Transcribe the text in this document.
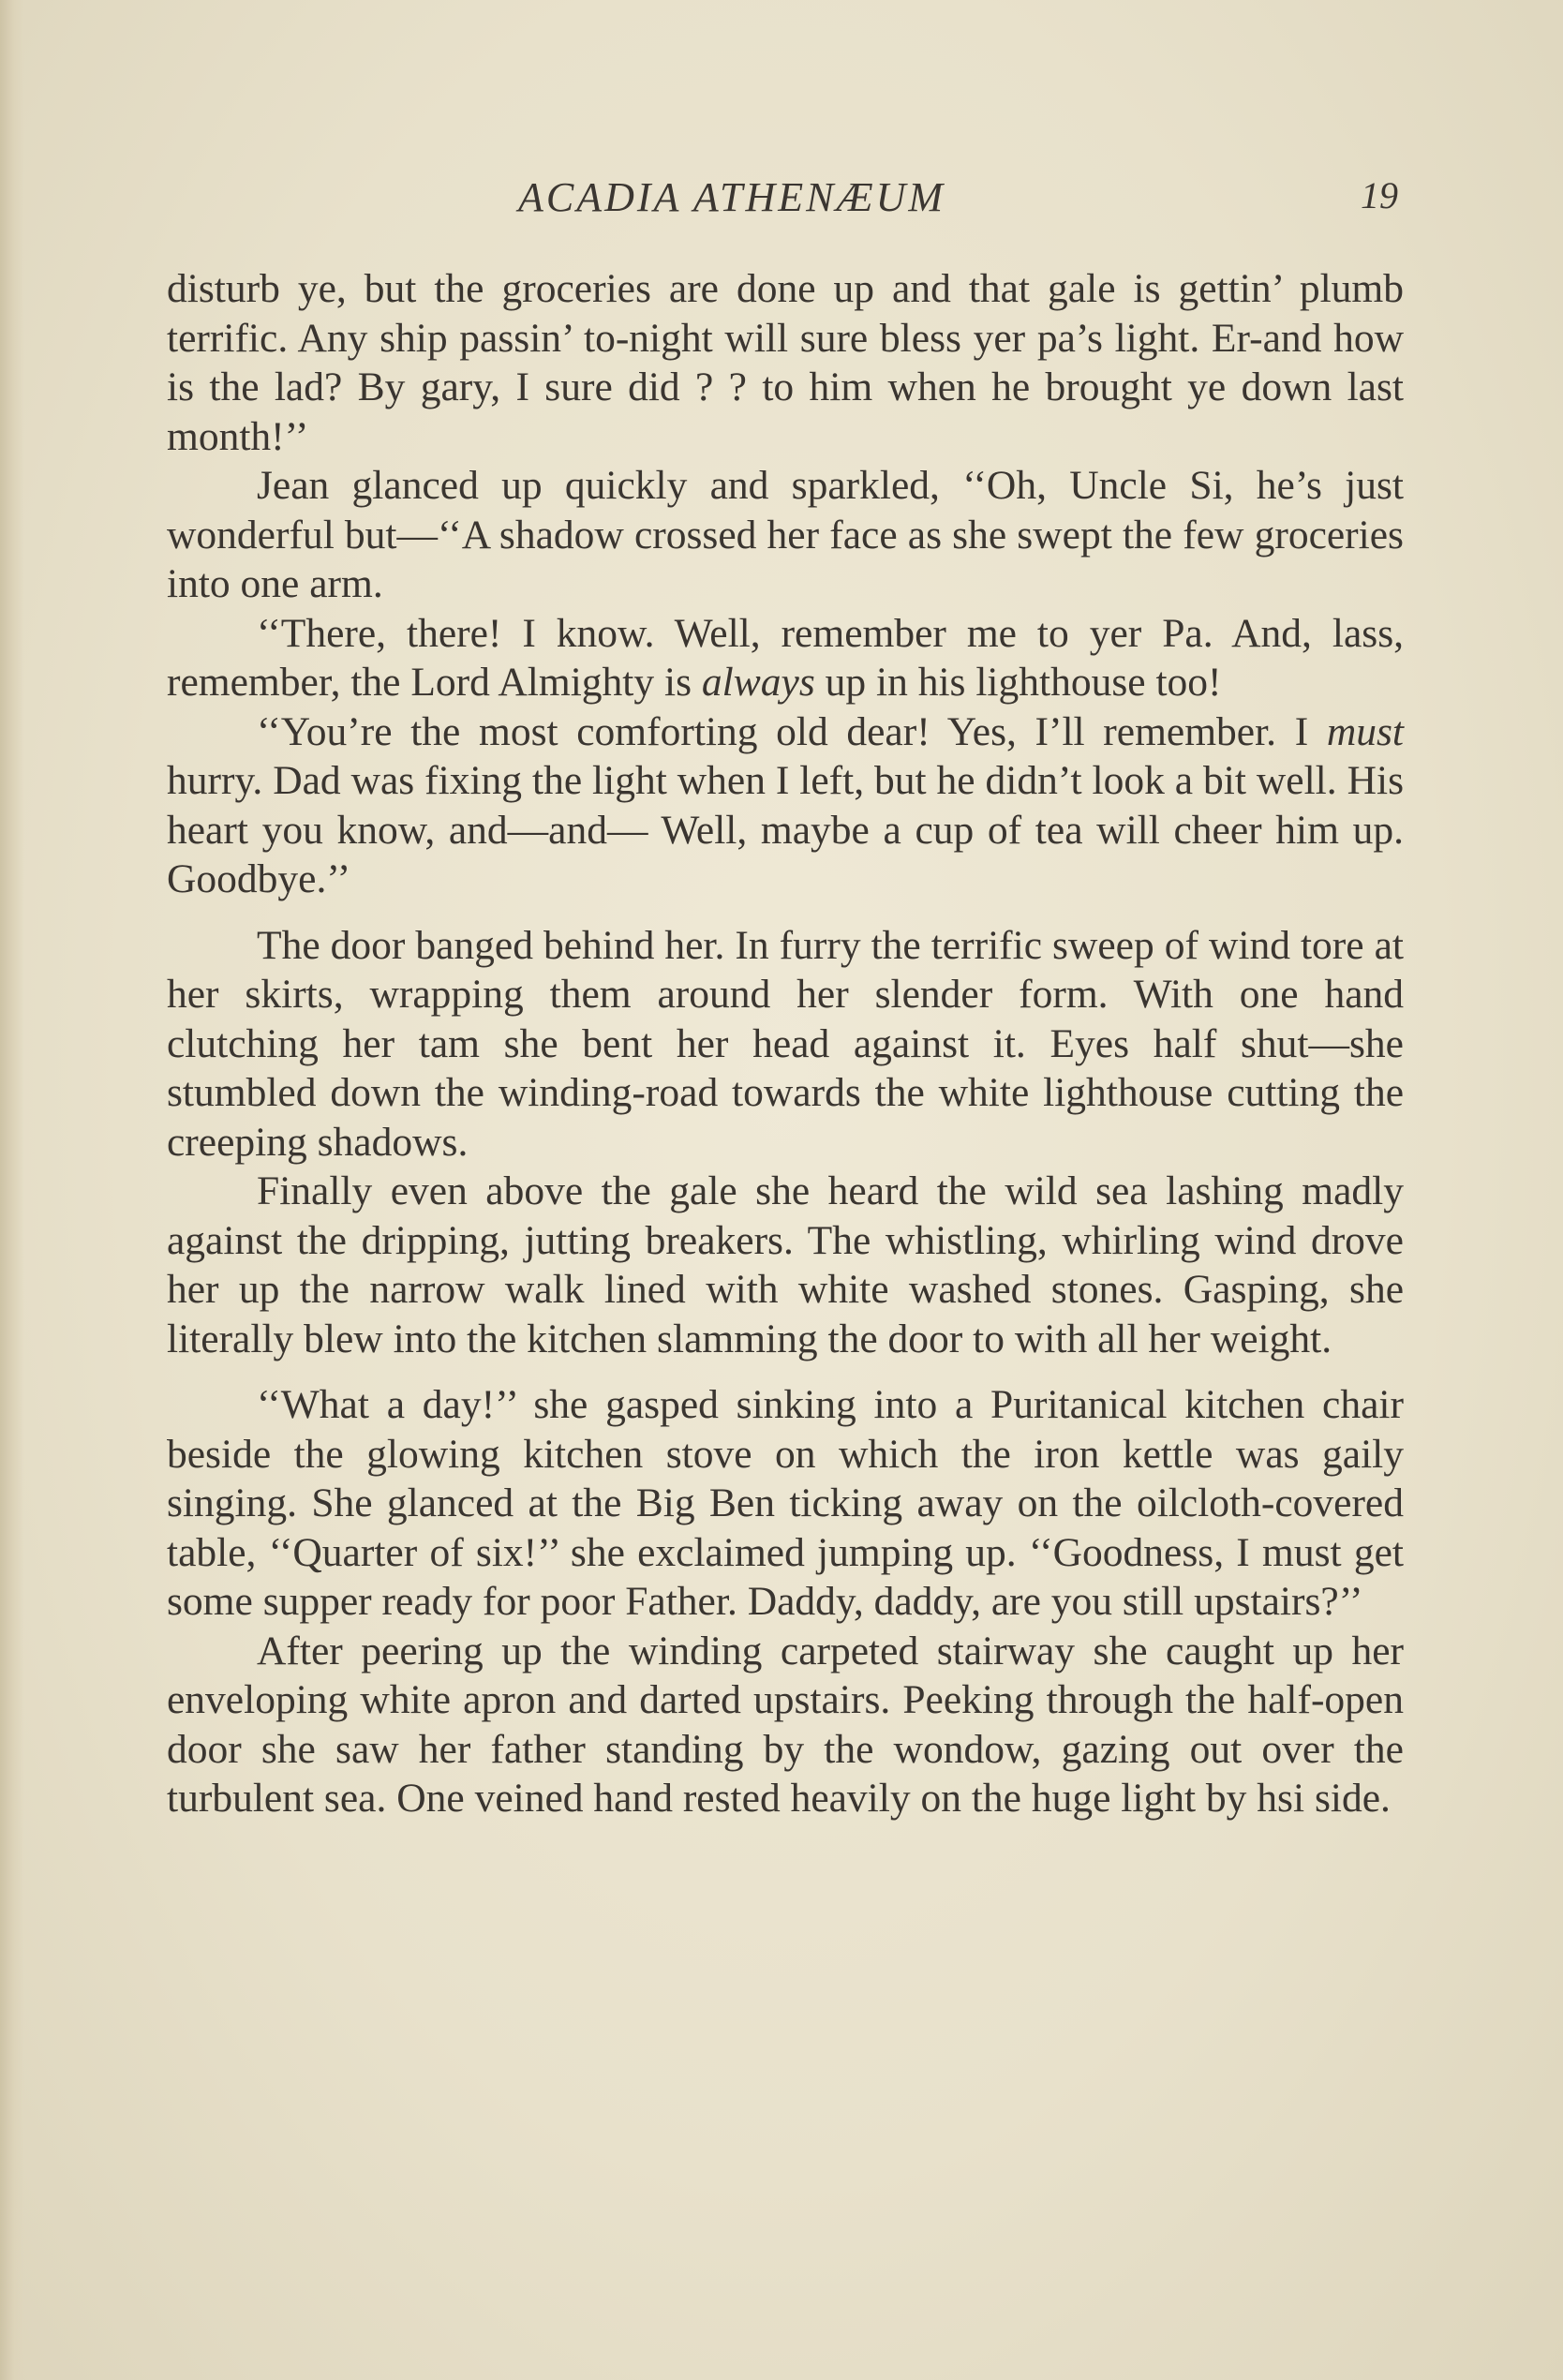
ACADIA ATHENÆUM	19

disturb ye, but the groceries are done up and that gale is gettin’ plumb terrific. Any ship passin’ to-night will sure bless yer pa’s light. Er-and how is the lad? By gary, I sure did ? ? to him when he brought ye down last month!’’

Jean glanced up quickly and sparkled, ‘‘Oh, Uncle Si, he’s just wonderful but—‘‘A shadow crossed her face as she swept the few groceries into one arm.

‘‘There, there! I know. Well, remember me to yer Pa. And, lass, remember, the Lord Almighty is always up in his lighthouse too!

‘‘You’re the most comforting old dear! Yes, I’ll remember. I must hurry. Dad was fixing the light when I left, but he didn’t look a bit well. His heart you know, and—and— Well, maybe a cup of tea will cheer him up. Goodbye.’’

The door banged behind her. In furry the terrific sweep of wind tore at her skirts, wrapping them around her slender form. With one hand clutching her tam she bent her head against it. Eyes half shut—she stumbled down the winding-road towards the white lighthouse cutting the creeping shadows.

Finally even above the gale she heard the wild sea lashing madly against the dripping, jutting breakers. The whistling, whirling wind drove her up the narrow walk lined with white washed stones. Gasping, she literally blew into the kitchen slamming the door to with all her weight.

‘‘What a day!’’ she gasped sinking into a Puritanical kitchen chair beside the glowing kitchen stove on which the iron kettle was gaily singing. She glanced at the Big Ben ticking away on the oilcloth-covered table, ‘‘Quarter of six!’’ she exclaimed jumping up. ‘‘Goodness, I must get some supper ready for poor Father. Daddy, daddy, are you still upstairs?’’

After peering up the winding carpeted stairway she caught up her enveloping white apron and darted upstairs. Peeking through the half-open door she saw her father standing by the wondow, gazing out over the turbulent sea. One veined hand rested heavily on the huge light by hsi side.
